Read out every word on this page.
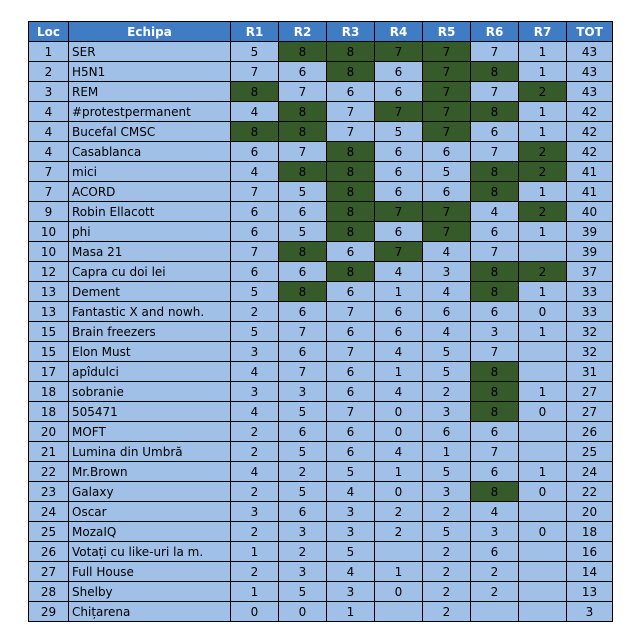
Loc	Echipa	R1	R2	R3	R4	R5	R6	R7	TOT
1	SER	5	8	8	7	7	7	1	43
2	H5N1	7	6	8	6	7	8	1	43
3	REM	8	7	6	6	7	7	2	43
4	#protestpermanent	4	8	7	7	7	8	1	42
4	Bucefal CMSC	8	8	7	5	7	6	1	42
4	Casablanca	6	7	8	6	6	7	2	42
7	mici	4	8	8	6	5	8	2	41
7	ACORD	7	5	8	6	6	8	1	41
9	Robin Ellacott	6	6	8	7	7	4	2	40
10	phi	6	5	8	6	7	6	1	39
10	Masa 21	7	8	6	7	4	7		39
12	Capra cu doi lei	6	6	8	4	3	8	2	37
13	Dement	5	8	6	1	4	8	1	33
13	Fantastic X and nowh.	2	6	7	6	6	6	0	33
15	Brain freezers	5	7	6	6	4	3	1	32
15	Elon Must	3	6	7	4	5	7		32
17	apîdulci	4	7	6	1	5	8		31
18	sobranie	3	3	6	4	2	8	1	27
18	505471	4	5	7	0	3	8	0	27
20	MOFT	2	6	6	0	6	6		26
21	Lumina din Umbră	2	5	6	4	1	7		25
22	Mr.Brown	4	2	5	1	5	6	1	24
23	Galaxy	2	5	4	0	3	8	0	22
24	Oscar	3	6	3	2	2	4		20
25	MozaIQ	2	3	3	2	5	3	0	18
26	Votați cu like-uri la m.	1	2	5		2	6		16
27	Full House	2	3	4	1	2	2		14
28	Shelby	1	5	3	0	2	2		13
29	Chițarena	0	0	1		2			3
